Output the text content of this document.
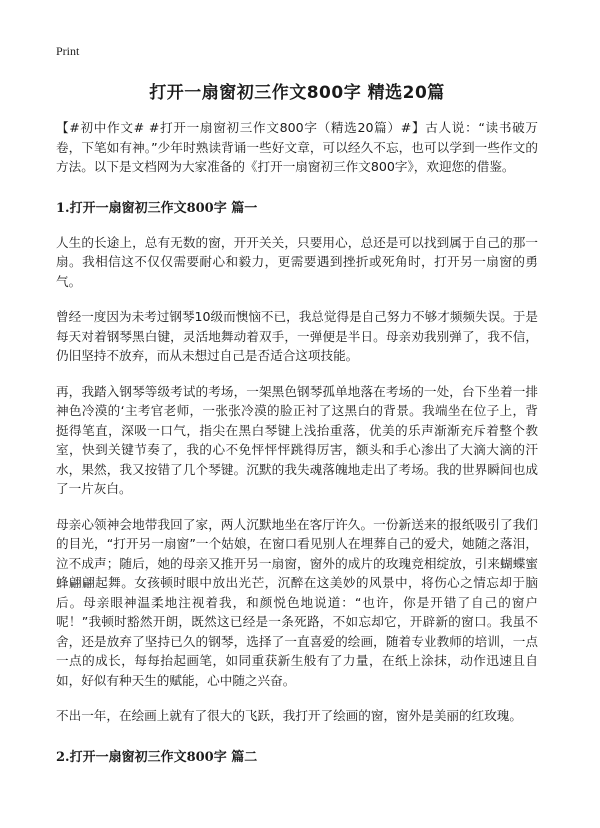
Print
打开一扇窗初三作文800字 精选20篇

【#初中作文# #打开一扇窗初三作文800字（精选20篇）#】古人说：“读书破万卷，下笔如有神。”少年时熟读背诵一些好文章，可以经久不忘，也可以学到一些作文的方法。以下是文档网为大家准备的《打开一扇窗初三作文800字》，欢迎您的借鉴。

1.打开一扇窗初三作文800字 篇一

人生的长途上，总有无数的窗，开开关关，只要用心，总还是可以找到属于自己的那一扇。我相信这不仅仅需要耐心和毅力，更需要遇到挫折或死角时，打开另一扇窗的勇气。

曾经一度因为未考过钢琴10级而懊恼不已，我总觉得是自己努力不够才频频失误。于是每天对着钢琴黑白键，灵活地舞动着双手，一弹便是半日。母亲劝我别弹了，我不信，仍旧坚持不放弃，而从未想过自己是否适合这项技能。

再，我踏入钢琴等级考试的考场，一架黑色钢琴孤单地落在考场的一处，台下坐着一排神色冷漠的‘主考官老师，一张张冷漠的脸正衬了这黑白的背景。我端坐在位子上，背挺得笔直，深吸一口气，指尖在黑白琴键上浅抬重落，优美的乐声渐渐充斥着整个教室，快到关键节奏了，我的心不免怦怦怦跳得厉害，额头和手心渗出了大滴大滴的汗水，果然，我又按错了几个琴键。沉默的我失魂落魄地走出了考场。我的世界瞬间也成了一片灰白。

母亲心领神会地带我回了家，两人沉默地坐在客厅许久。一份新送来的报纸吸引了我们的目光，“打开另一扇窗”一个姑娘，在窗口看见别人在埋葬自己的爱犬，她随之落泪，泣不成声；随后，她的母亲又推开另一扇窗，窗外的成片的玫瑰竞相绽放，引来蝴蝶蜜蜂翩翩起舞。女孩顿时眼中放出光芒，沉醉在这美妙的风景中，将伤心之情忘却于脑后。母亲眼神温柔地注视着我，和颜悦色地说道：“也许，你是开错了自己的窗户呢！”我顿时豁然开朗，既然这已经是一条死路，不如忘却它，开辟新的窗口。我虽不舍，还是放弃了坚持已久的钢琴，选择了一直喜爱的绘画，随着专业教师的培训，一点一点的成长，每每抬起画笔，如同重获新生般有了力量，在纸上涂抹，动作迅速且自如，好似有种天生的赋能，心中随之兴奋。

不出一年，在绘画上就有了很大的飞跃，我打开了绘画的窗，窗外是美丽的红玫瑰。

2.打开一扇窗初三作文800字 篇二
